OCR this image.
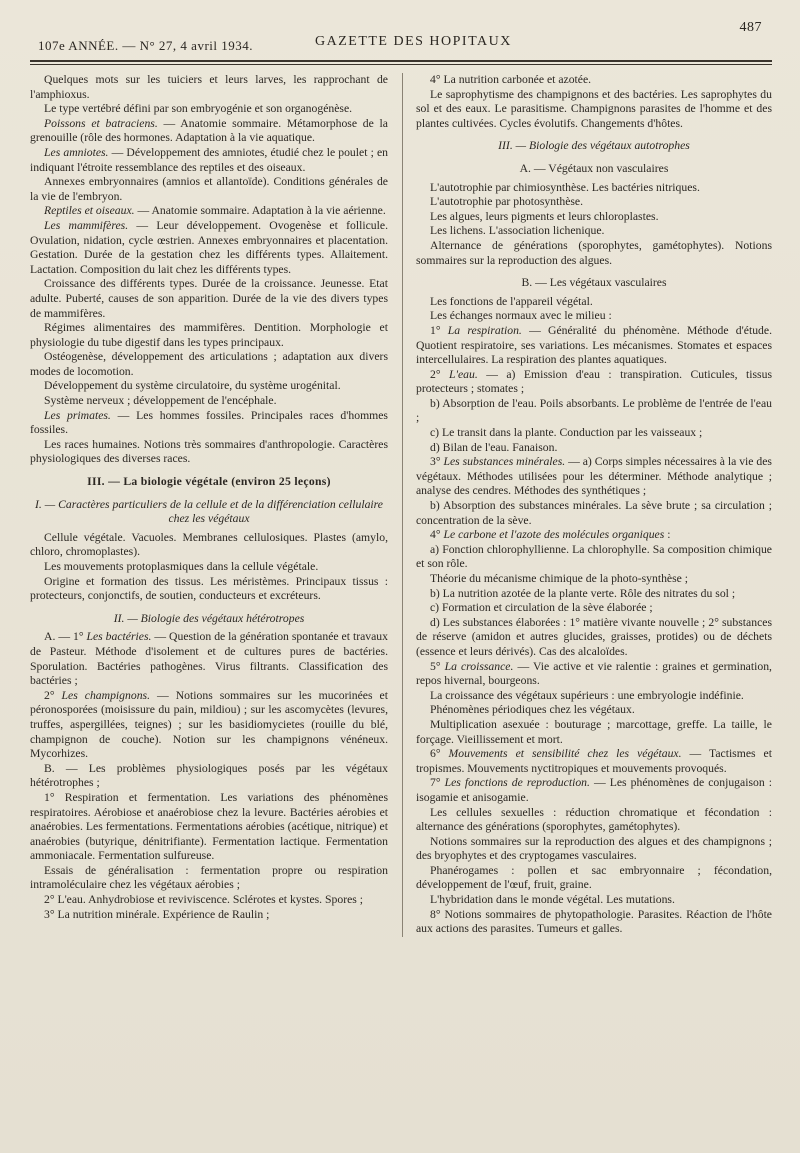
107e ANNÉE. — N° 27, 4 avril 1934.	GAZETTE DES HOPITAUX
487

Quelques mots sur les tuiciers et leurs larves, les rapprochant de l'amphioxus.

Le type vertébré défini par son embryogénie et son organogénèse.

Poissons et batraciens. — Anatomie sommaire. Métamorphose de la grenouille (rôle des hormones. Adaptation à la vie aquatique.

Les amniotes. — Développement des amniotes, étudié chez le poulet ; en indiquant l'étroite ressemblance des reptiles et des oiseaux.

Annexes embryonnaires (amnios et allantoïde). Conditions générales de la vie de l'embryon.

Reptiles et oiseaux. — Anatomie sommaire. Adaptation à la vie aérienne.

Les mammifères. — Leur développement. Ovogenèse et follicule. Ovulation, nidation, cycle œstrien. Annexes embryonnaires et placentation. Gestation. Durée de la gestation chez les différents types. Allaitement. Lactation. Composition du lait chez les différents types.

Croissance des différents types. Durée de la croissance. Jeunesse. Etat adulte. Puberté, causes de son apparition. Durée de la vie des divers types de mammifères.

Régimes alimentaires des mammifères. Dentition. Morphologie et physiologie du tube digestif dans les types principaux.

Ostéogenèse, développement des articulations ; adaptation aux divers modes de locomotion.

Développement du système circulatoire, du système urogénital.

Système nerveux ; développement de l'encéphale.

Les primates. — Les hommes fossiles. Principales races d'hommes fossiles.

Les races humaines. Notions très sommaires d'anthropologie. Caractères physiologiques des diverses races.

III. — La biologie végétale (environ 25 leçons)

I. — Caractères particuliers de la cellule et de la différenciation cellulaire chez les végétaux

Cellule végétale. Vacuoles. Membranes cellulosiques. Plastes (amylo, chloro, chromoplastes).

Les mouvements protoplasmiques dans la cellule végétale.

Origine et formation des tissus. Les méristèmes. Principaux tissus : protecteurs, conjonctifs, de soutien, conducteurs et excréteurs.

II. — Biologie des végétaux hétérotropes

A. — 1° Les bactéries. — Question de la génération spontanée et travaux de Pasteur. Méthode d'isolement et de cultures pures de bactéries. Sporulation. Bactéries pathogènes. Virus filtrants. Classification des bactéries ;

2° Les champignons. — Notions sommaires sur les mucorinées et péronosporées (moisissure du pain, mildiou) ; sur les ascomycètes (levures, truffes, aspergillées, teignes) ; sur les basidiomycietes (rouille du blé, champignon de couche). Notion sur les champignons vénéneux. Mycorhizes.

B. — Les problèmes physiologiques posés par les végétaux hétérotrophes ;

1° Respiration et fermentation. Les variations des phénomènes respiratoires. Aérobiose et anaérobiose chez la levure. Bactéries aérobies et anaérobies. Les fermentations. Fermentations aérobies (acétique, nitrique) et anaérobies (butyrique, dénitrifiante). Fermentation lactique. Fermentation ammoniacale. Fermentation sulfureuse.

Essais de généralisation : fermentation propre ou respiration intramoléculaire chez les végétaux aérobies ;

2° L'eau. Anhydrobiose et reviviscence. Sclérotes et kystes. Spores ;

3° La nutrition minérale. Expérience de Raulin ;

4° La nutrition carbonée et azotée.

Le saprophytisme des champignons et des bactéries. Les saprophytes du sol et des eaux. Le parasitisme. Champignons parasites de l'homme et des plantes cultivées. Cycles évolutifs. Changements d'hôtes.

III. — Biologie des végétaux autotrophes

A. — Végétaux non vasculaires

L'autotrophie par chimiosynthèse. Les bactéries nitriques.

L'autotrophie par photosynthèse.

Les algues, leurs pigments et leurs chloroplastes.

Les lichens. L'association lichenique.

Alternance de générations (sporophytes, gamétophytes). Notions sommaires sur la reproduction des algues.

B. — Les végétaux vasculaires

Les fonctions de l'appareil végétal.

Les échanges normaux avec le milieu :

1° La respiration. — Généralité du phénomène. Méthode d'étude. Quotient respiratoire, ses variations. Les mécanismes. Stomates et espaces intercellulaires. La respiration des plantes aquatiques.

2° L'eau. — a) Emission d'eau : transpiration. Cuticules, tissus protecteurs ; stomates ;

b) Absorption de l'eau. Poils absorbants. Le problème de l'entrée de l'eau ;

c) Le transit dans la plante. Conduction par les vaisseaux ;

d) Bilan de l'eau. Fanaison.

3° Les substances minérales. — a) Corps simples nécessaires à la vie des végétaux. Méthodes utilisées pour les déterminer. Méthode analytique ; analyse des cendres. Méthodes des synthétiques ;

b) Absorption des substances minérales. La sève brute ; sa circulation ; concentration de la sève.

4° Le carbone et l'azote des molécules organiques :

a) Fonction chlorophyllienne. La chlorophylle. Sa composition chimique et son rôle.

Théorie du mécanisme chimique de la photo-synthèse ;

b) La nutrition azotée de la plante verte. Rôle des nitrates du sol ;

c) Formation et circulation de la sève élaborée ;

d) Les substances élaborées : 1° matière vivante nouvelle ; 2° substances de réserve (amidon et autres glucides, graisses, protides) ou de déchets (essence et leurs dérivés). Cas des alcaloïdes.

5° La croissance. — Vie active et vie ralentie : graines et germination, repos hivernal, bourgeons.

La croissance des végétaux supérieurs : une embryologie indéfinie.

Phénomènes périodiques chez les végétaux.

Multiplication asexuée : bouturage ; marcottage, greffe. La taille, le forçage. Vieillissement et mort.

6° Mouvements et sensibilité chez les végétaux. — Tactismes et tropismes. Mouvements nyctitropiques et mouvements provoqués.

7° Les fonctions de reproduction. — Les phénomènes de conjugaison : isogamie et anisogamie.

Les cellules sexuelles : réduction chromatique et fécondation : alternance des générations (sporophytes, gamétophytes).

Notions sommaires sur la reproduction des algues et des champignons ; des bryophytes et des cryptogames vasculaires.

Phanérogames : pollen et sac embryonnaire ; fécondation, développement de l'œuf, fruit, graine.

L'hybridation dans le monde végétal. Les mutations.

8° Notions sommaires de phytopathologie. Parasites. Réaction de l'hôte aux actions des parasites. Tumeurs et galles.
